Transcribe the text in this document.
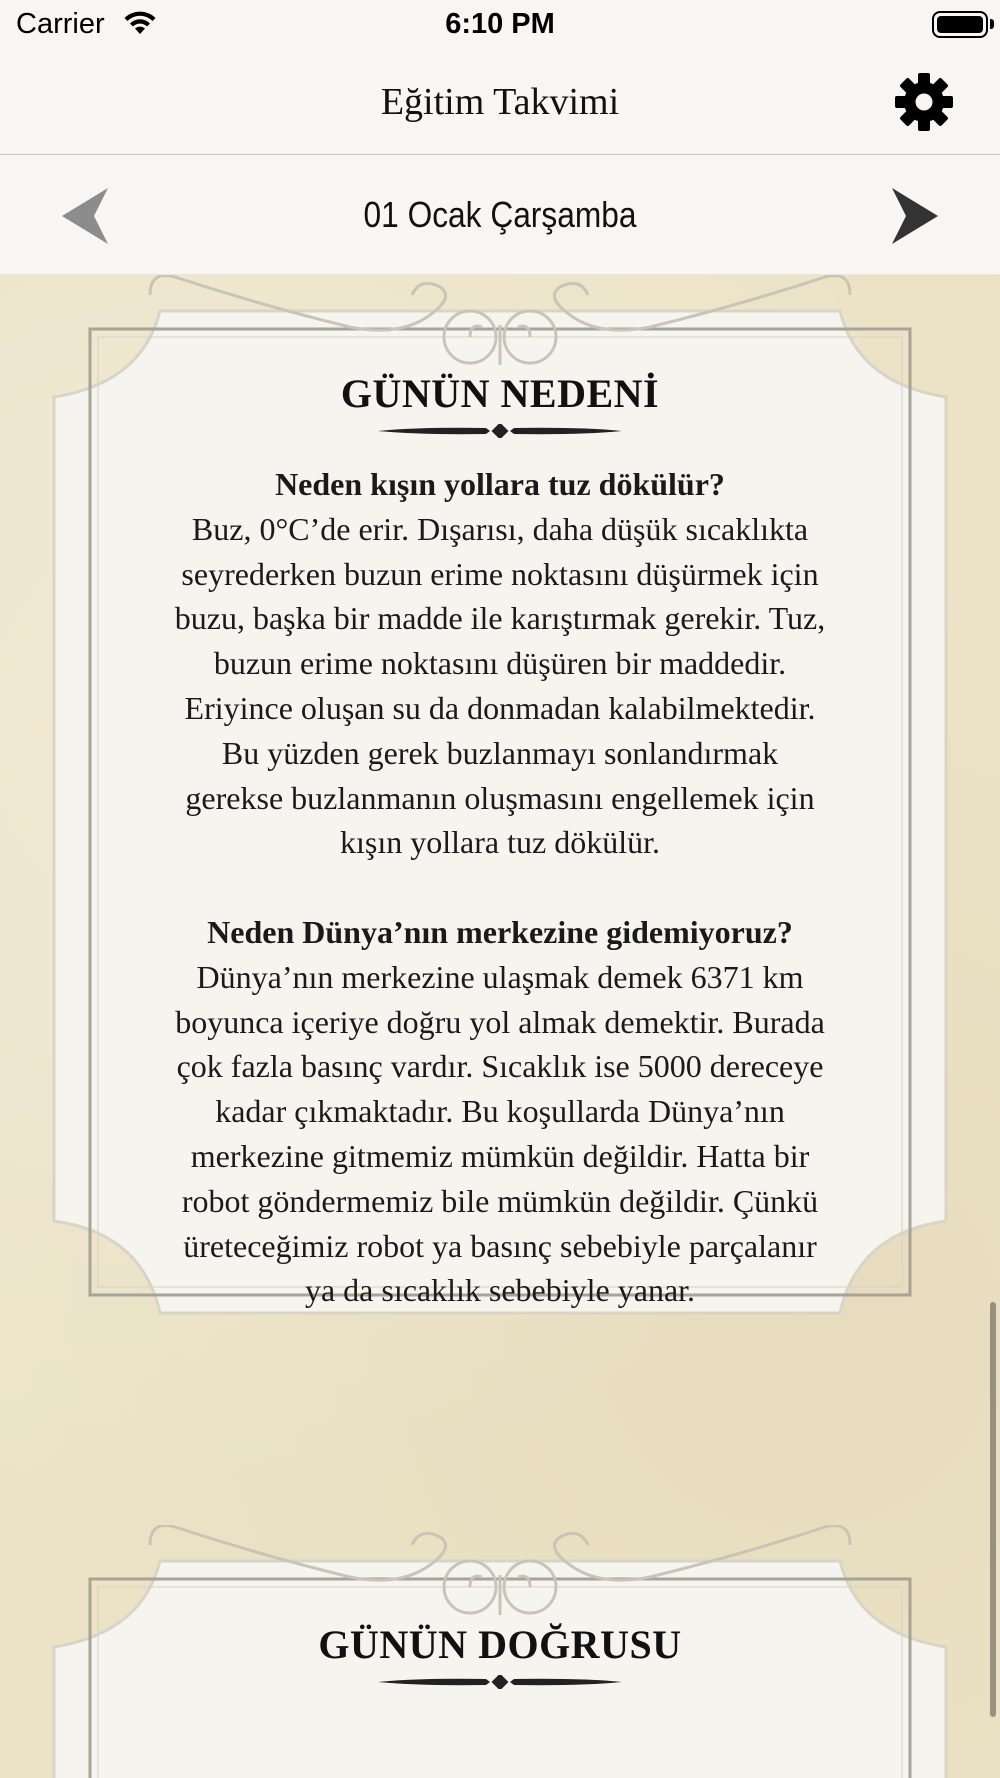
Carrier	6:10 PM
Eğitim Takvimi
01 Ocak Çarşamba
GÜNÜN NEDENİ
Neden kışın yollara tuz dökülür?
Buz, 0°C’de erir. Dışarısı, daha düşük sıcaklıkta
seyrederken buzun erime noktasını düşürmek için
buzu, başka bir madde ile karıştırmak gerekir. Tuz,
buzun erime noktasını düşüren bir maddedir.
Eriyince oluşan su da donmadan kalabilmektedir.
Bu yüzden gerek buzlanmayı sonlandırmak
gerekse buzlanmanın oluşmasını engellemek için
kışın yollara tuz dökülür.
Neden Dünya’nın merkezine gidemiyoruz?
Dünya’nın merkezine ulaşmak demek 6371 km
boyunca içeriye doğru yol almak demektir. Burada
çok fazla basınç vardır. Sıcaklık ise 5000 dereceye
kadar çıkmaktadır. Bu koşullarda Dünya’nın
merkezine gitmemiz mümkün değildir. Hatta bir
robot göndermemiz bile mümkün değildir. Çünkü
üreteceğimiz robot ya basınç sebebiyle parçalanır
ya da sıcaklık sebebiyle yanar.
GÜNÜN DOĞRUSU
